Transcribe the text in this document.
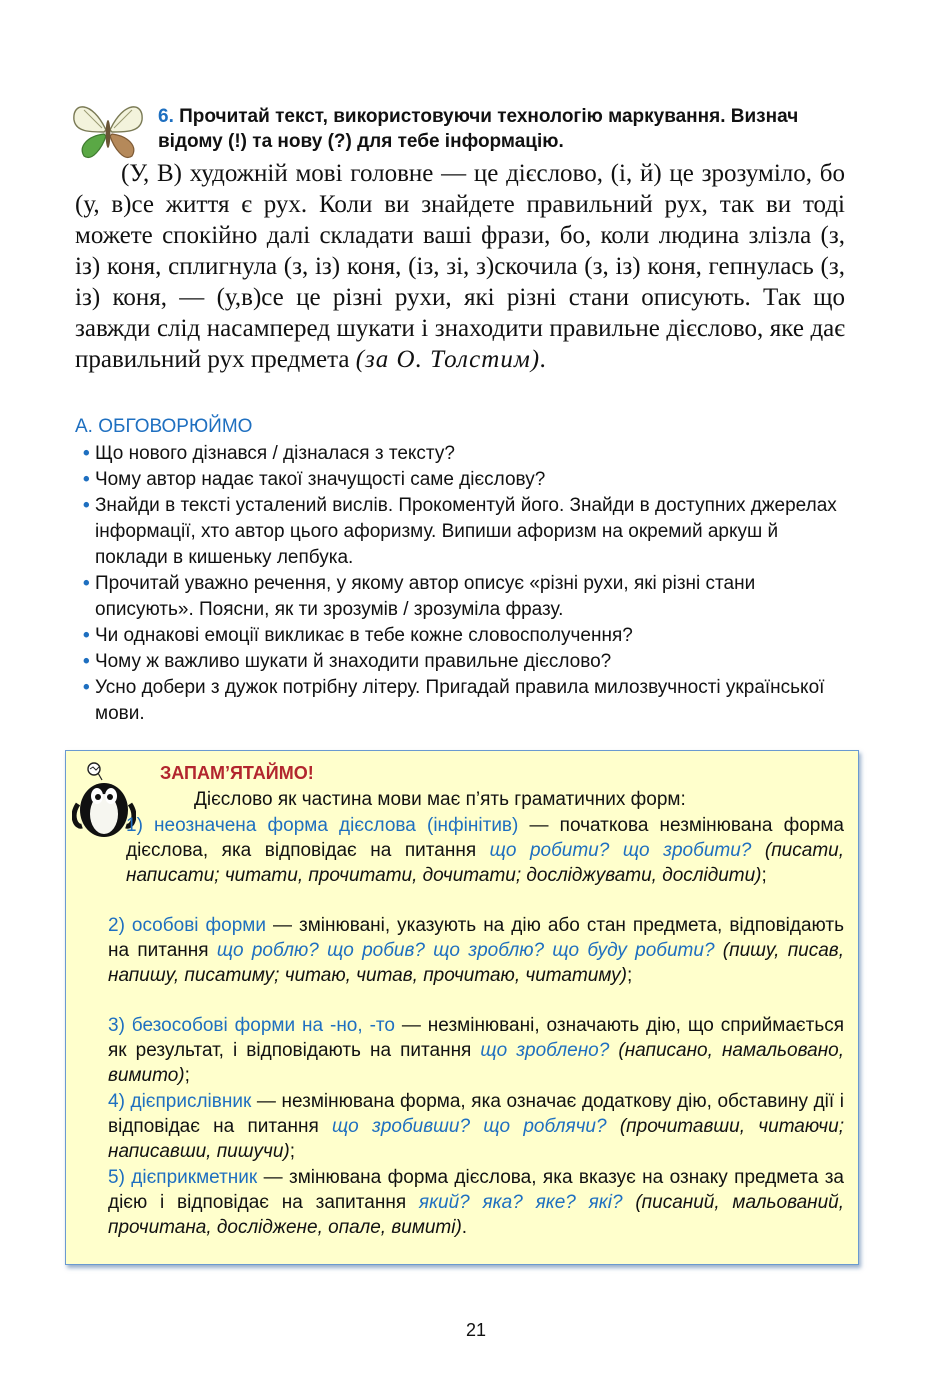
6. Прочитай текст, використовуючи технологію маркування. Визнач відому (!) та нову (?) для тебе інформацію.
(У, В) художній мові головне — це дієслово, (і, й) це зрозуміло, бо (у, в)се життя є рух. Коли ви знайдете правильний рух, так ви тоді можете спокійно далі складати ваші фрази, бо, коли людина злізла (з, із) коня, сплигнула (з, із) коня, (із, зі, з)скочила (з, із) коня, гепнулась (з, із) коня, — (у,в)се це різні рухи, які різні стани описують. Так що завжди слід насамперед шукати і знаходити правильне дієслово, яке дає правильний рух предмета (за О. Толстим).
А. ОБГОВОРЮЙМО
• Що нового дізнався / дізналася з тексту?
• Чому автор надає такої значущості саме дієслову?
• Знайди в тексті усталений вислів. Прокоментуй його. Знайди в доступних джерелах інформації, хто автор цього афоризму. Випиши афоризм на окремий аркуш й поклади в кишеньку лепбука.
• Прочитай уважно речення, у якому автор описує «різні рухи, які різні стани описують». Поясни, як ти зрозумів / зрозуміла фразу.
• Чи однакові емоції викликає в тебе кожне словосполучення?
• Чому ж важливо шукати й знаходити правильне дієслово?
• Усно добери з дужок потрібну літеру. Пригадай правила милозвучності української мови.
ЗАПАМ’ЯТАЙМО!
Дієслово як частина мови має п’ять граматичних форм:
1) неозначена форма дієслова (інфінітив) — початкова незмінювана форма дієслова, яка відповідає на питання що робити? що зробити? (писати, написати; читати, прочитати, дочитати; досліджувати, дослідити);
2) особові форми — змінювані, указують на дію або стан предмета, відповідають на питання що роблю? що робив? що зроблю? що буду робити? (пишу, писав, напишу, писатиму; читаю, читав, прочитаю, читатиму);
3) безособові форми на -но, -то — незмінювані, означають дію, що сприймається як результат, і відповідають на питання що зроблено? (написано, намальовано, вимито);
4) дієприслівник — незмінювана форма, яка означає додаткову дію, обставину дії і відповідає на питання що зробивши? що роблячи? (прочитавши, читаючи; написавши, пишучи);
5) дієприкметник — змінювана форма дієслова, яка вказує на ознаку предмета за дією і відповідає на запитання який? яка? яке? які? (писаний, мальований, прочитана, досліджене, опале, вимиті).
21
